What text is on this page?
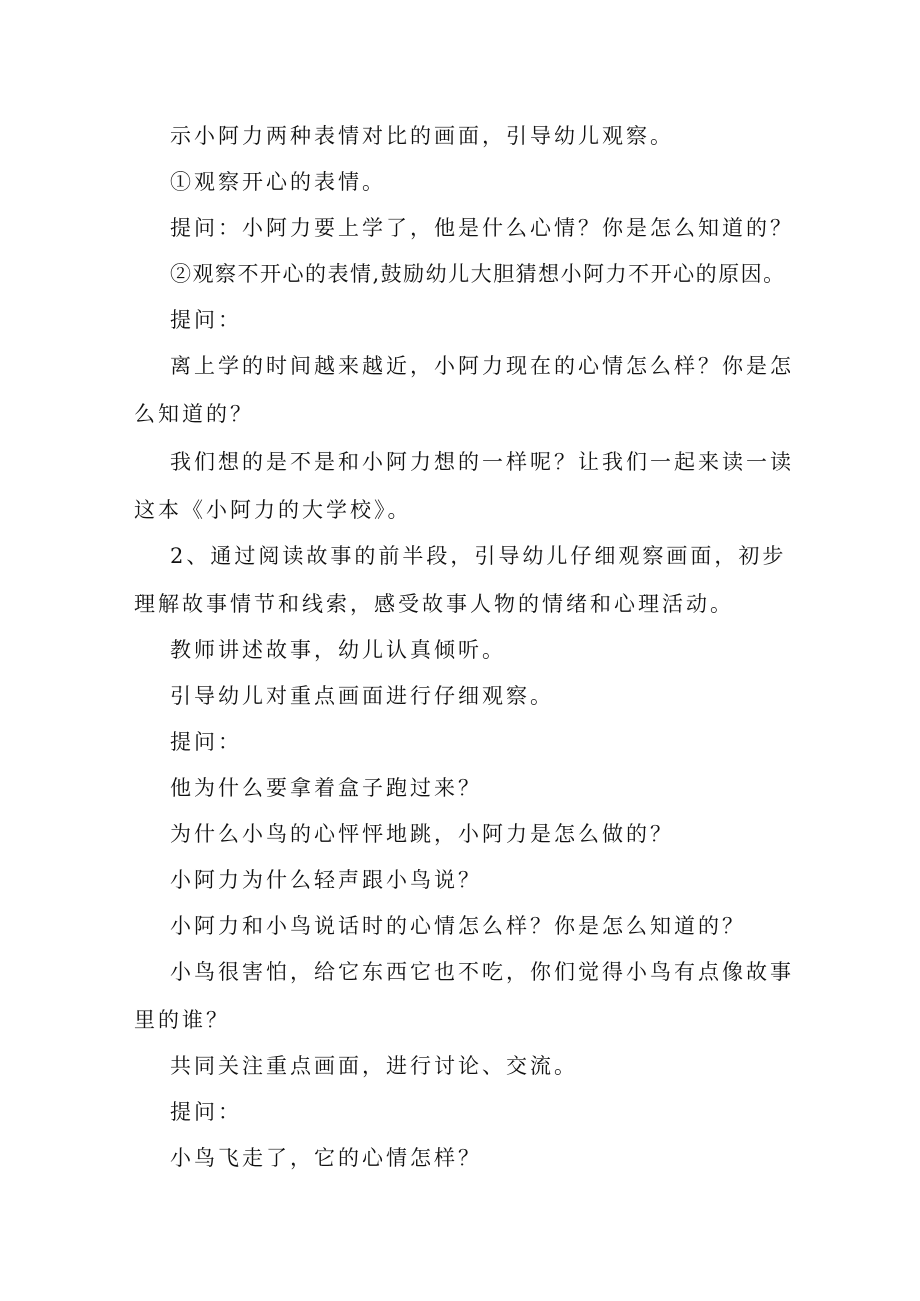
示小阿力两种表情对比的画面，引导幼儿观察。

①观察开心的表情。

提问：小阿力要上学了，他是什么心情？你是怎么知道的？

②观察不开心的表情,鼓励幼儿大胆猜想小阿力不开心的原因。

提问：

离上学的时间越来越近，小阿力现在的心情怎么样？你是怎么知道的？

我们想的是不是和小阿力想的一样呢？让我们一起来读一读这本《小阿力的大学校》。

2、通过阅读故事的前半段，引导幼儿仔细观察画面，初步理解故事情节和线索，感受故事人物的情绪和心理活动。

教师讲述故事，幼儿认真倾听。

引导幼儿对重点画面进行仔细观察。

提问：

他为什么要拿着盒子跑过来？

为什么小鸟的心怦怦地跳，小阿力是怎么做的？

小阿力为什么轻声跟小鸟说？

小阿力和小鸟说话时的心情怎么样？你是怎么知道的？

小鸟很害怕，给它东西它也不吃，你们觉得小鸟有点像故事里的谁？

共同关注重点画面，进行讨论、交流。

提问：

小鸟飞走了，它的心情怎样？
